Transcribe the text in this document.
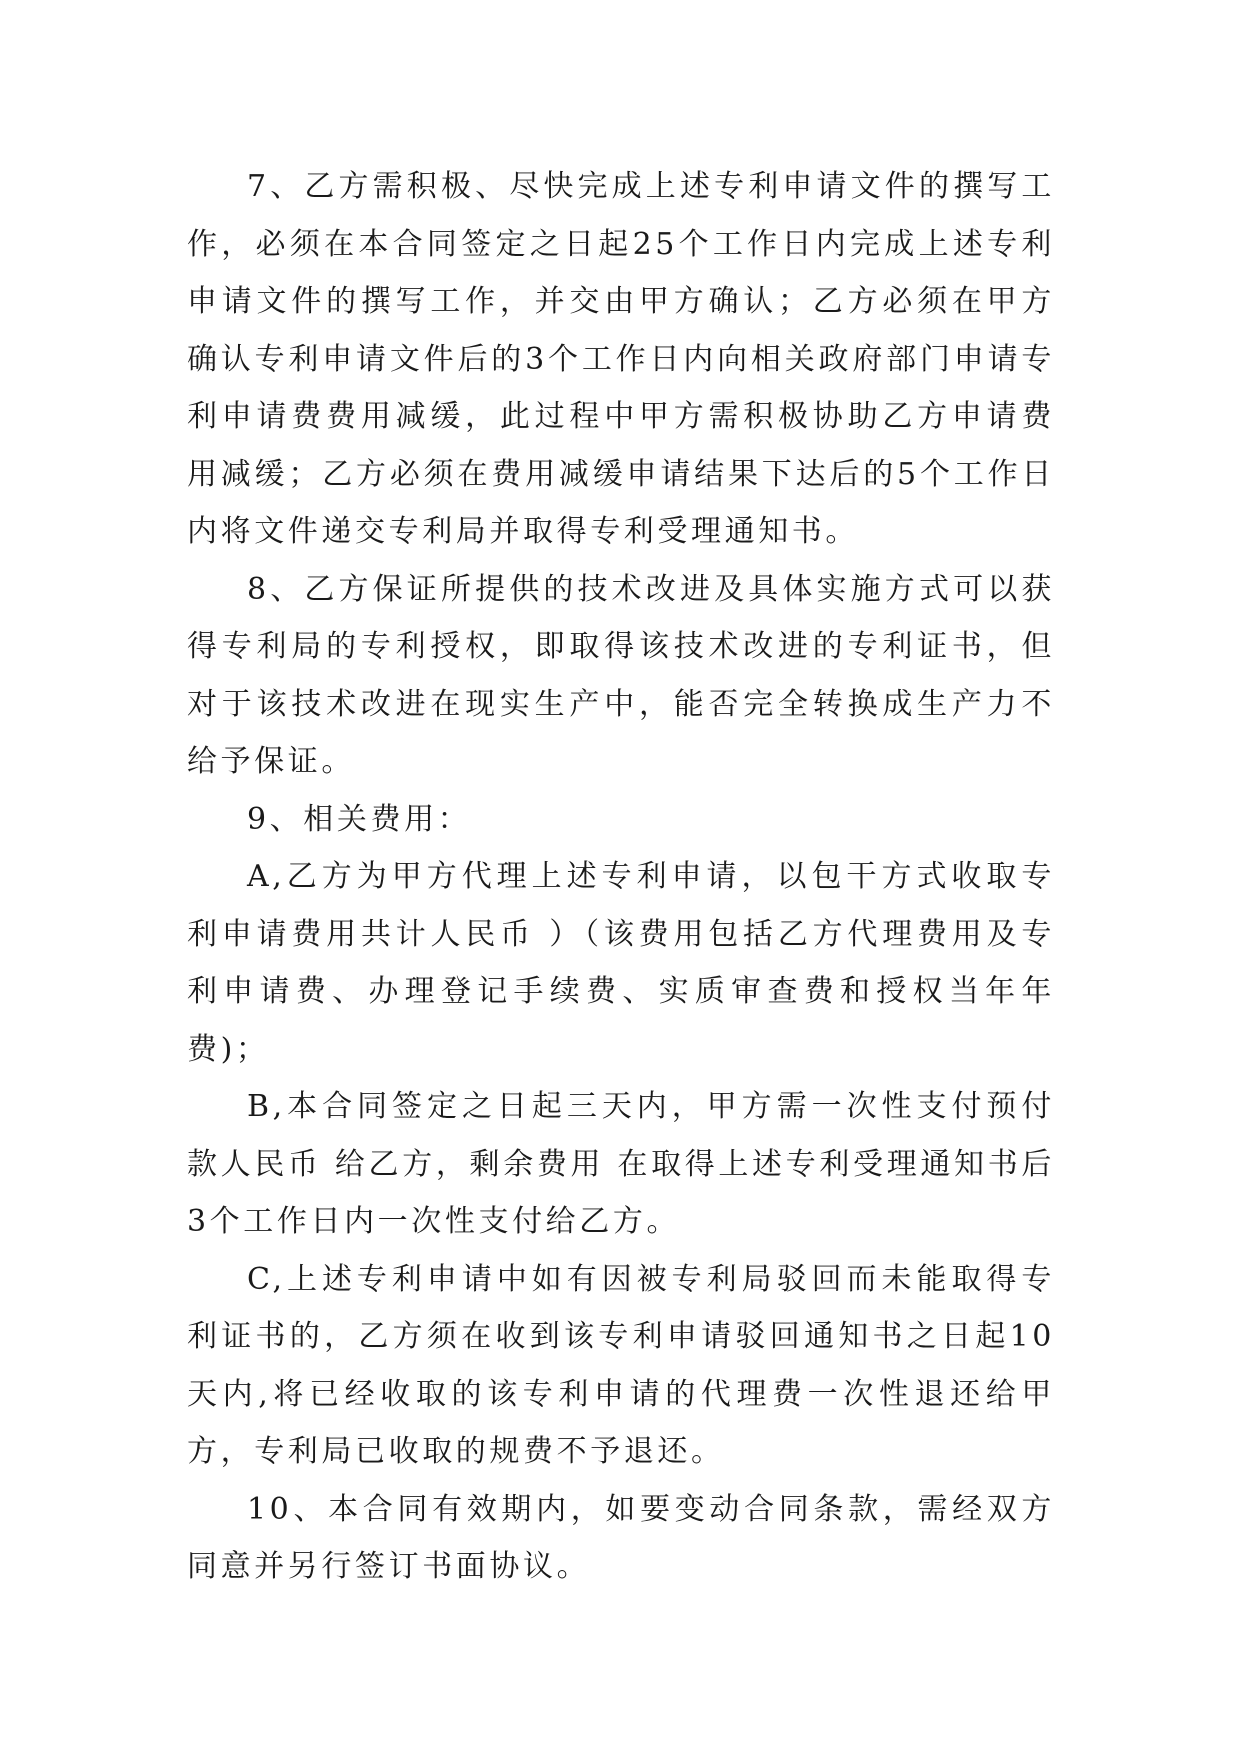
7、乙方需积极、尽快完成上述专利申请文件的撰写工作，必须在本合同签定之日起25个工作日内完成上述专利申请文件的撰写工作，并交由甲方确认；乙方必须在甲方确认专利申请文件后的3个工作日内向相关政府部门申请专利申请费费用减缓，此过程中甲方需积极协助乙方申请费用减缓；乙方必须在费用减缓申请结果下达后的5个工作日内将文件递交专利局并取得专利受理通知书。

8、乙方保证所提供的技术改进及具体实施方式可以获得专利局的专利授权，即取得该技术改进的专利证书，但对于该技术改进在现实生产中，能否完全转换成生产力不给予保证。

9、相关费用：

A,乙方为甲方代理上述专利申请，以包干方式收取专利申请费用共计人民币 ）（该费用包括乙方代理费用及专利申请费、办理登记手续费、实质审查费和授权当年年费)；

B,本合同签定之日起三天内，甲方需一次性支付预付款人民币 给乙方，剩余费用 在取得上述专利受理通知书后3个工作日内一次性支付给乙方。

C,上述专利申请中如有因被专利局驳回而未能取得专利证书的，乙方须在收到该专利申请驳回通知书之日起10天内,将已经收取的该专利申请的代理费一次性退还给甲方，专利局已收取的规费不予退还。

10、本合同有效期内，如要变动合同条款，需经双方同意并另行签订书面协议。
